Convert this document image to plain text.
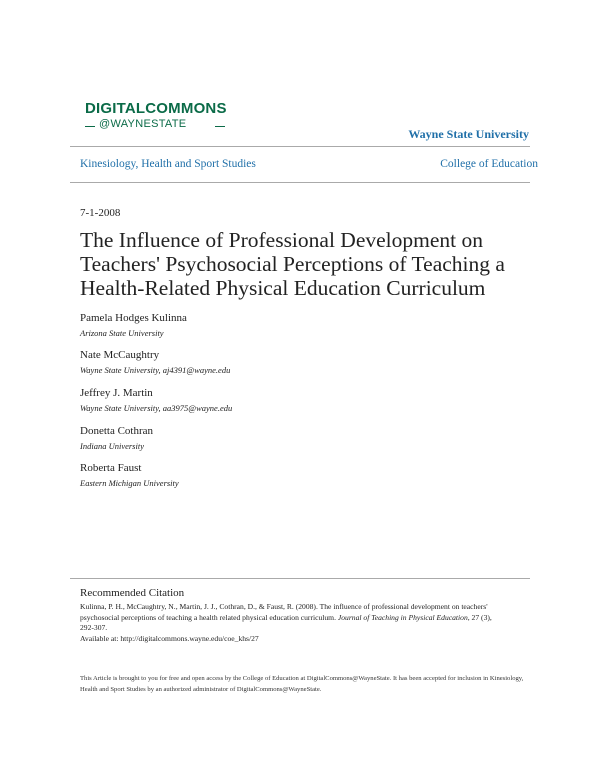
DIGITALCOMMONS
@WAYNESTATE
Wayne State University
Kinesiology, Health and Sport Studies	College of Education
7-1-2008
The Influence of Professional Development on Teachers' Psychosocial Perceptions of Teaching a Health-Related Physical Education Curriculum
Pamela Hodges Kulinna
Arizona State University
Nate McCaughtry
Wayne State University, aj4391@wayne.edu
Jeffrey J. Martin
Wayne State University, aa3975@wayne.edu
Donetta Cothran
Indiana University
Roberta Faust
Eastern Michigan University
Recommended Citation
Kulinna, P. H., McCaughtry, N., Martin, J. J., Cothran, D., & Faust, R. (2008). The influence of professional development on teachers' psychosocial perceptions of teaching a health related physical education curriculum. Journal of Teaching in Physical Education, 27 (3),
292-307.
Available at: http://digitalcommons.wayne.edu/coe_khs/27
This Article is brought to you for free and open access by the College of Education at DigitalCommons@WayneState. It has been accepted for inclusion in Kinesiology, Health and Sport Studies by an authorized administrator of DigitalCommons@WayneState.
